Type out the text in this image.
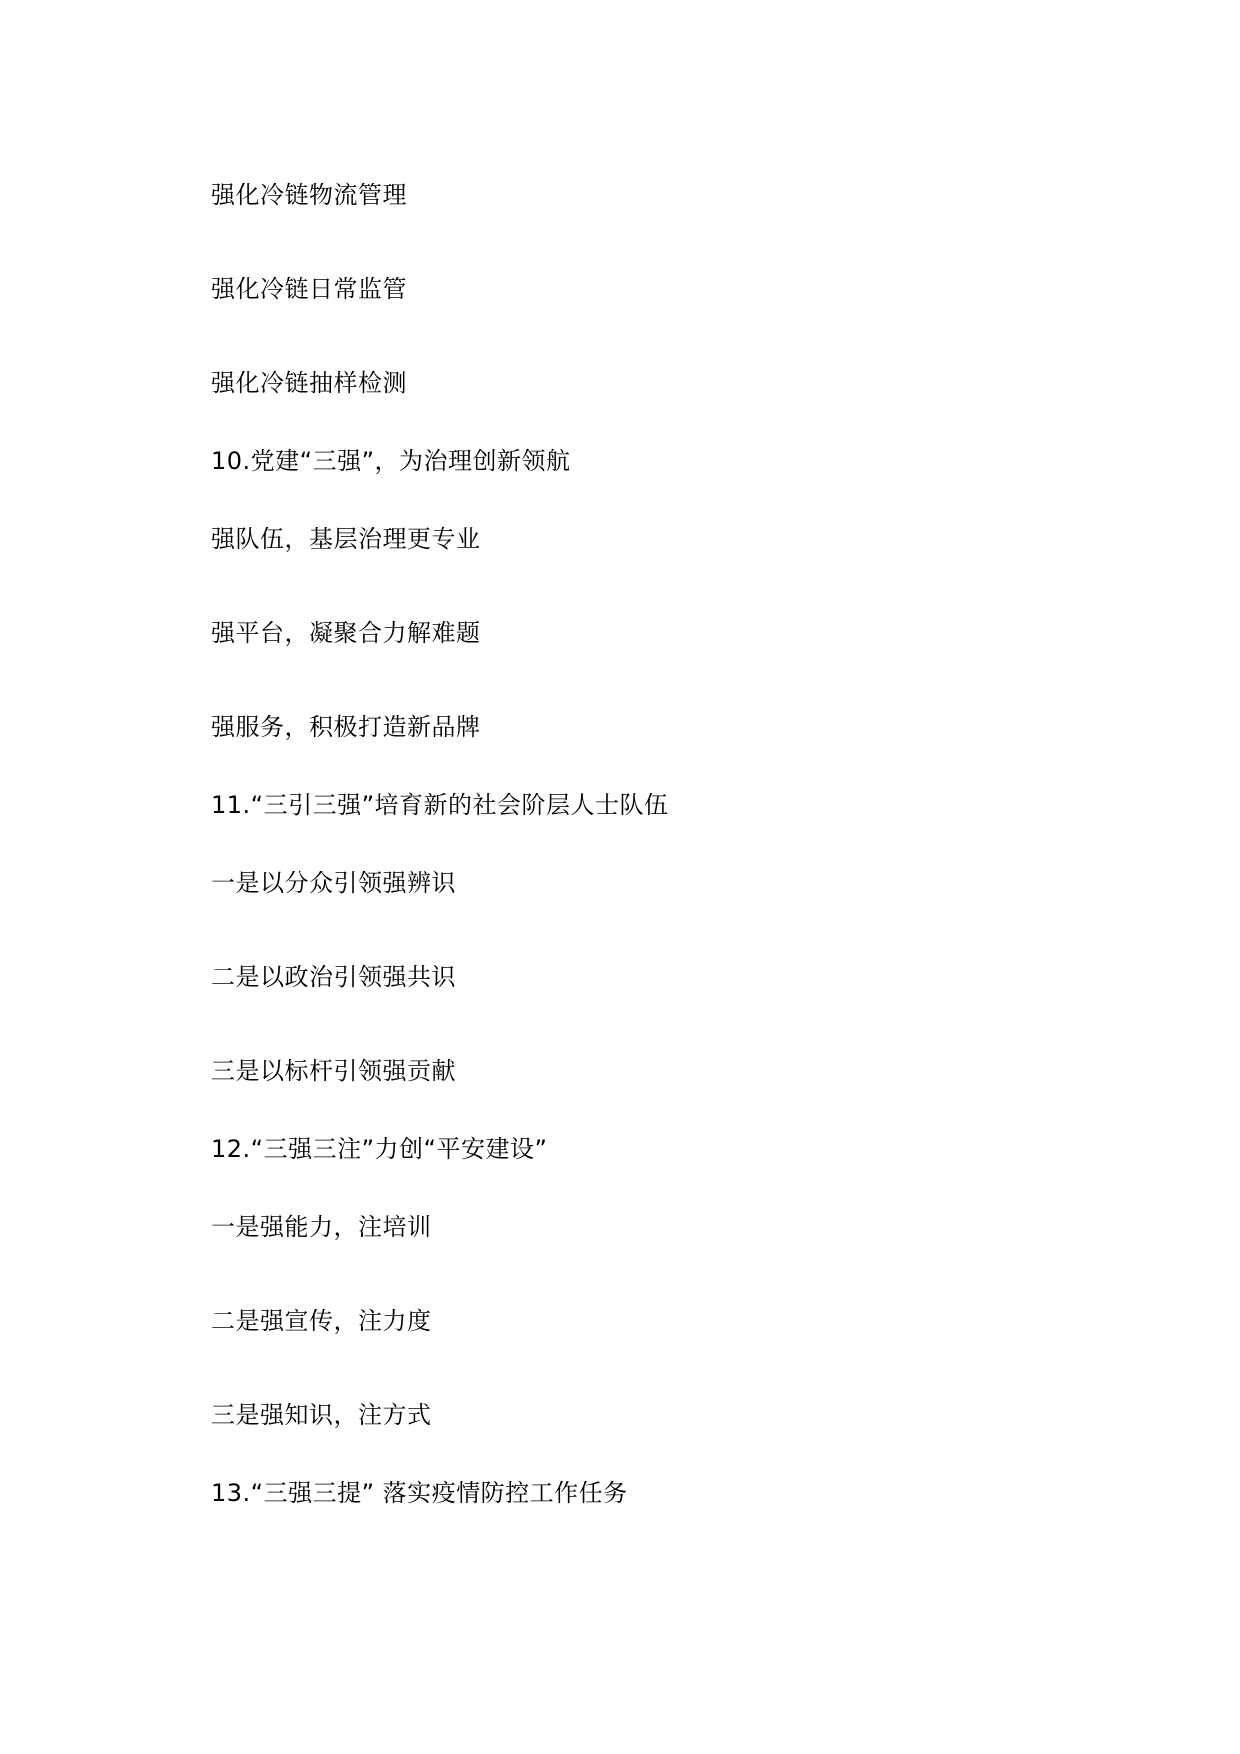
强化冷链物流管理
强化冷链日常监管
强化冷链抽样检测
10.党建“三强”，为治理创新领航
强队伍，基层治理更专业
强平台，凝聚合力解难题
强服务，积极打造新品牌
11.“三引三强”培育新的社会阶层人士队伍
一是以分众引领强辨识
二是以政治引领强共识
三是以标杆引领强贡献
12.“三强三注”力创“平安建设”
一是强能力，注培训
二是强宣传，注力度
三是强知识，注方式
13.“三强三提” 落实疫情防控工作任务
